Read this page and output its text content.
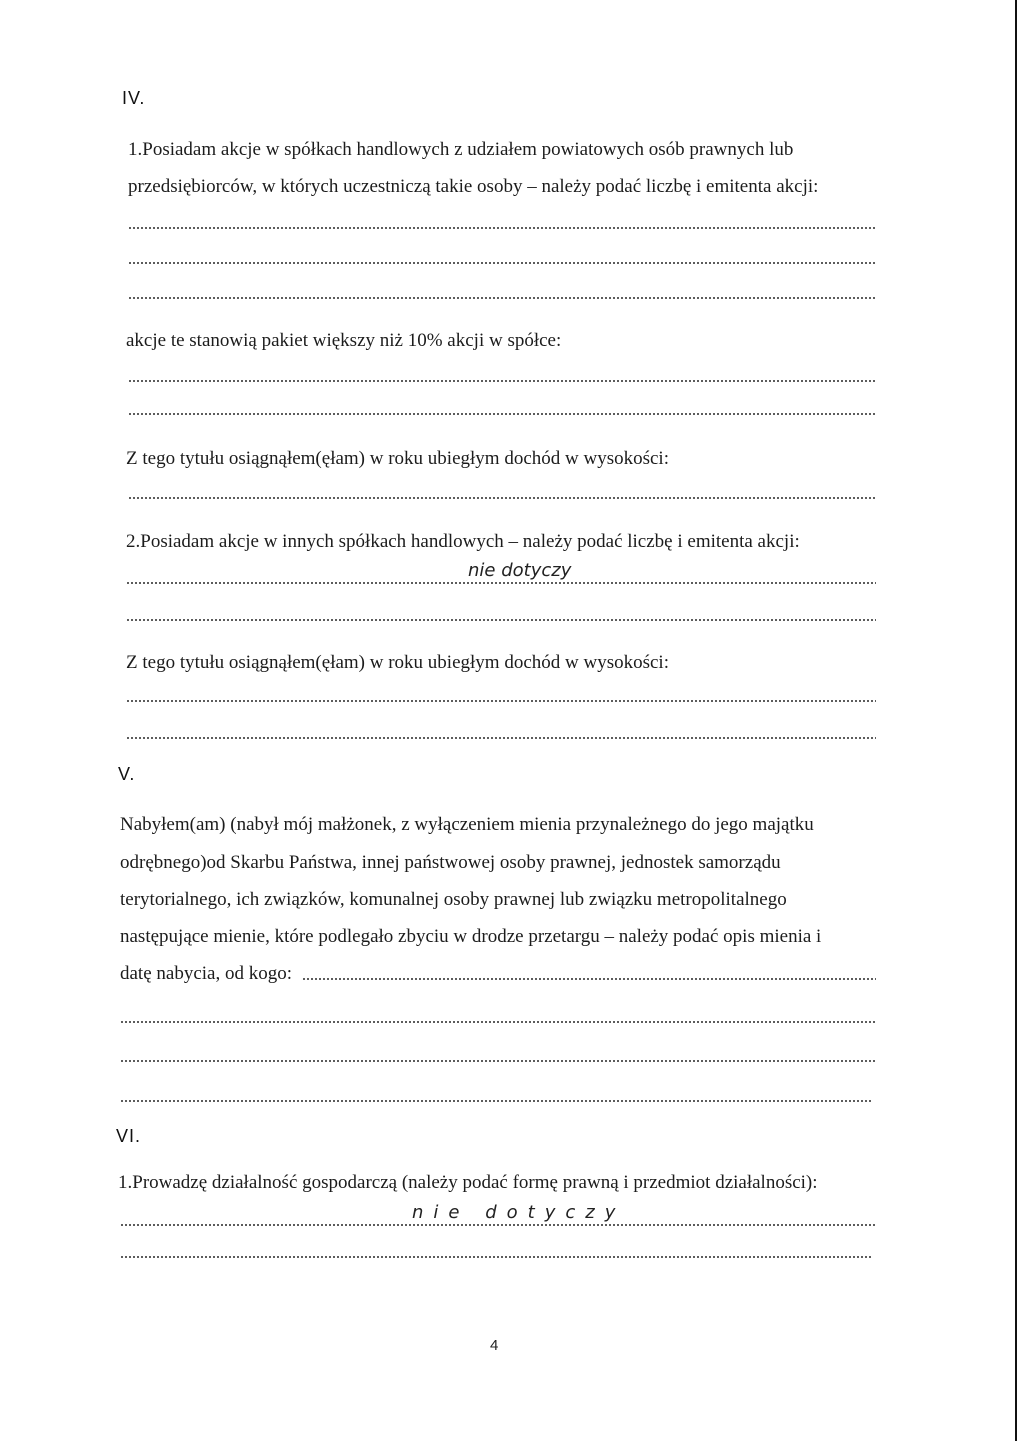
IV.
1.Posiadam akcje w spółkach handlowych z udziałem powiatowych osób prawnych lub
przedsiębiorców, w których uczestniczą takie osoby – należy podać liczbę i emitenta akcji:
akcje te stanowią pakiet większy niż 10% akcji w spółce:
Z tego tytułu osiągnąłem(ęłam) w roku ubiegłym dochód w wysokości:
2.Posiadam akcje w innych spółkach handlowych – należy podać liczbę i emitenta akcji:
nie dotyczy
Z tego tytułu osiągnąłem(ęłam) w roku ubiegłym dochód w wysokości:
V.
Nabyłem(am) (nabył mój małżonek, z wyłączeniem mienia przynależnego do jego majątku
odrębnego)od Skarbu Państwa, innej państwowej osoby prawnej, jednostek samorządu
terytorialnego, ich związków, komunalnej osoby prawnej lub związku metropolitalnego
następujące mienie, które podlegało zbyciu w drodze przetargu – należy podać opis mienia i
datę nabycia, od kogo:
VI.
1.Prowadzę działalność gospodarczą (należy podać formę prawną i przedmiot działalności):
nie dotyczy
4
